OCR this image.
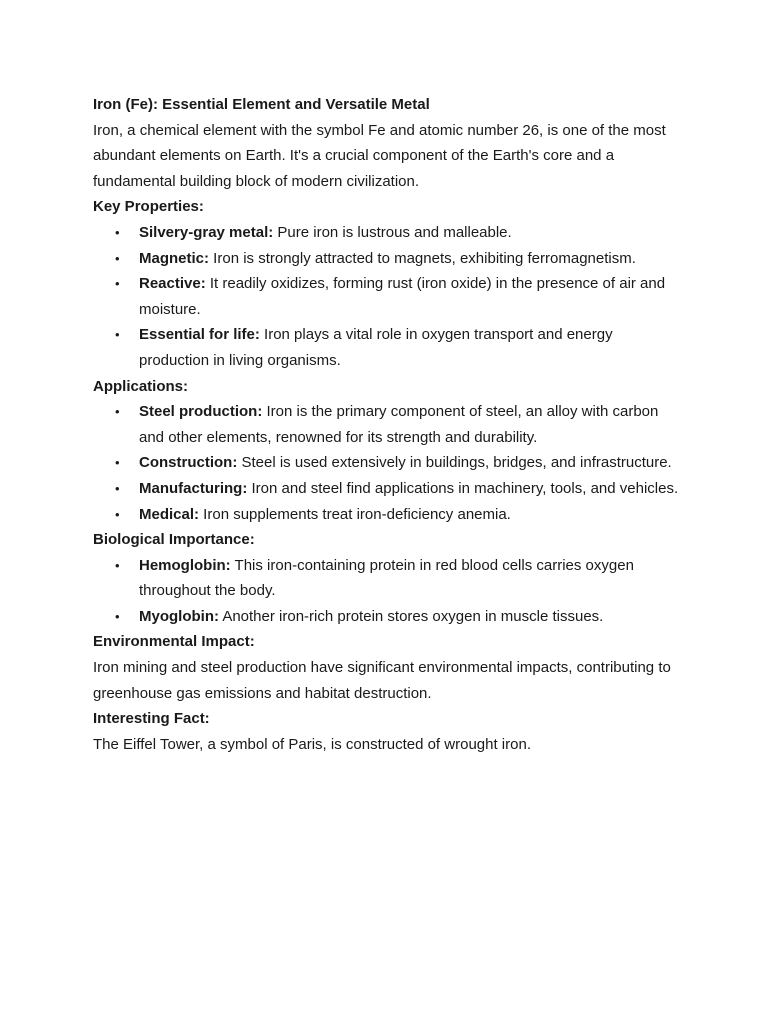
Iron (Fe): Essential Element and Versatile Metal

Iron, a chemical element with the symbol Fe and atomic number 26, is one of the most abundant elements on Earth. It's a crucial component of the Earth's core and a fundamental building block of modern civilization.

Key Properties:

• Silvery-gray metal: Pure iron is lustrous and malleable.
• Magnetic: Iron is strongly attracted to magnets, exhibiting ferromagnetism.
• Reactive: It readily oxidizes, forming rust (iron oxide) in the presence of air and moisture.
• Essential for life: Iron plays a vital role in oxygen transport and energy production in living organisms.

Applications:

• Steel production: Iron is the primary component of steel, an alloy with carbon and other elements, renowned for its strength and durability.
• Construction: Steel is used extensively in buildings, bridges, and infrastructure.
• Manufacturing: Iron and steel find applications in machinery, tools, and vehicles.
• Medical: Iron supplements treat iron-deficiency anemia.

Biological Importance:

• Hemoglobin: This iron-containing protein in red blood cells carries oxygen throughout the body.
• Myoglobin: Another iron-rich protein stores oxygen in muscle tissues.

Environmental Impact:

Iron mining and steel production have significant environmental impacts, contributing to greenhouse gas emissions and habitat destruction.

Interesting Fact:

The Eiffel Tower, a symbol of Paris, is constructed of wrought iron.
